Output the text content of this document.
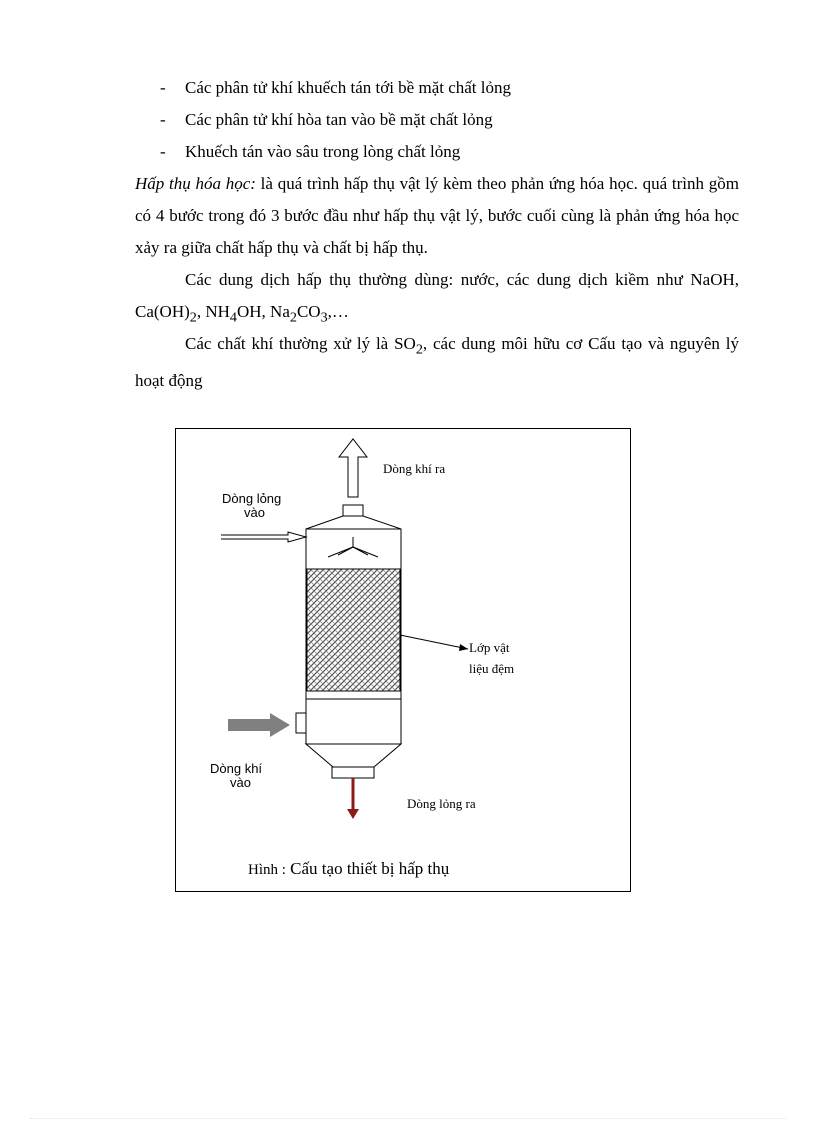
- Các phân tử khí khuếch tán tới bề mặt chất lỏng
- Các phân tử khí hòa tan vào bề mặt chất lỏng
- Khuếch tán vào sâu trong lòng chất lỏng
Hấp thụ hóa học: là quá trình hấp thụ vật lý kèm theo phản ứng hóa học. quá trình gồm có 4 bước trong đó 3 bước đầu như hấp thụ vật lý, bước cuối cùng là phản ứng hóa học xảy ra giữa chất hấp thụ và chất bị hấp thụ.
Các dung dịch hấp thụ thường dùng: nước, các dung dịch kiềm như NaOH, $Ca(OH)_2$, $NH_4OH$, $Na_2CO_3,\dots$
Các chất khí thường xử lý là $SO_2$, các dung môi hữu cơ Cấu tạo và nguyên lý hoạt động
Dòng khí ra
Dòng lỏng
vào
Lớp vật
liệu đệm
Dòng khí
vào
Dòng lỏng ra
Hình : Cấu tạo thiết bị hấp thụ
